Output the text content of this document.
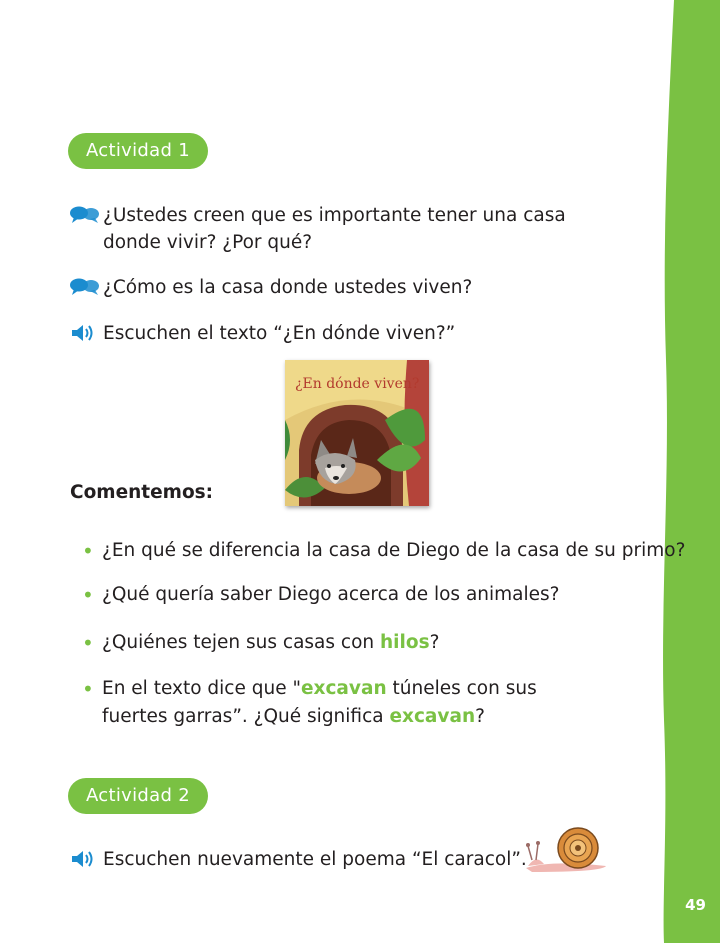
49
Actividad 1
¿Ustedes creen que es importante tener una casa
donde vivir? ¿Por qué?
¿Cómo es la casa donde ustedes viven?
Escuchen el texto “¿En dónde viven?”
¿En dónde viven?
Comentemos:
• ¿En qué se diferencia la casa de Diego de la casa de su primo?
• ¿Qué quería saber Diego acerca de los animales?
• ¿Quiénes tejen sus casas con hilos?
• En el texto dice que "excavan túneles con sus
fuertes garras”. ¿Qué significa excavan?
Actividad 2
Escuchen nuevamente el poema “El caracol”.
